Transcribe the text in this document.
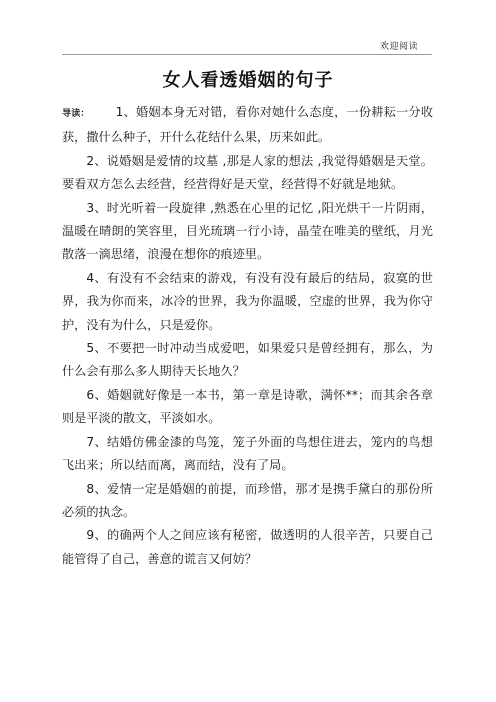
欢迎阅读
女人看透婚姻的句子

导读： 1、婚姻本身无对错，看你对她什么态度，一份耕耘一分收获，撒什么种子，开什么花结什么果，历来如此。

2、说婚姻是爱情的坟墓 ,那是人家的想法 ,我觉得婚姻是天堂。要看双方怎么去经营，经营得好是天堂，经营得不好就是地狱。

3、时光听着一段旋律 ,熟悉在心里的记忆 ,阳光烘干一片阴雨，温暖在晴朗的笑容里，目光琉璃一行小诗，晶莹在唯美的壁纸，月光散落一滴思绪，浪漫在想你的痕迹里。

4、有没有不会结束的游戏，有没有没有最后的结局，寂寞的世界，我为你而来，冰冷的世界，我为你温暖，空虚的世界，我为你守护，没有为什么，只是爱你。

5、不要把一时冲动当成爱吧，如果爱只是曾经拥有，那么，为什么会有那么多人期待天长地久？

6、婚姻就好像是一本书，第一章是诗歌，满怀**；而其余各章则是平淡的散文，平淡如水。

7、结婚仿佛金漆的鸟笼，笼子外面的鸟想住进去，笼内的鸟想飞出来；所以结而离，离而结，没有了局。

8、爱情一定是婚姻的前提，而珍惜，那才是携手黛白的那份所必须的执念。

9、的确两个人之间应该有秘密，做透明的人很辛苦，只要自己能管得了自己，善意的谎言又何妨？
